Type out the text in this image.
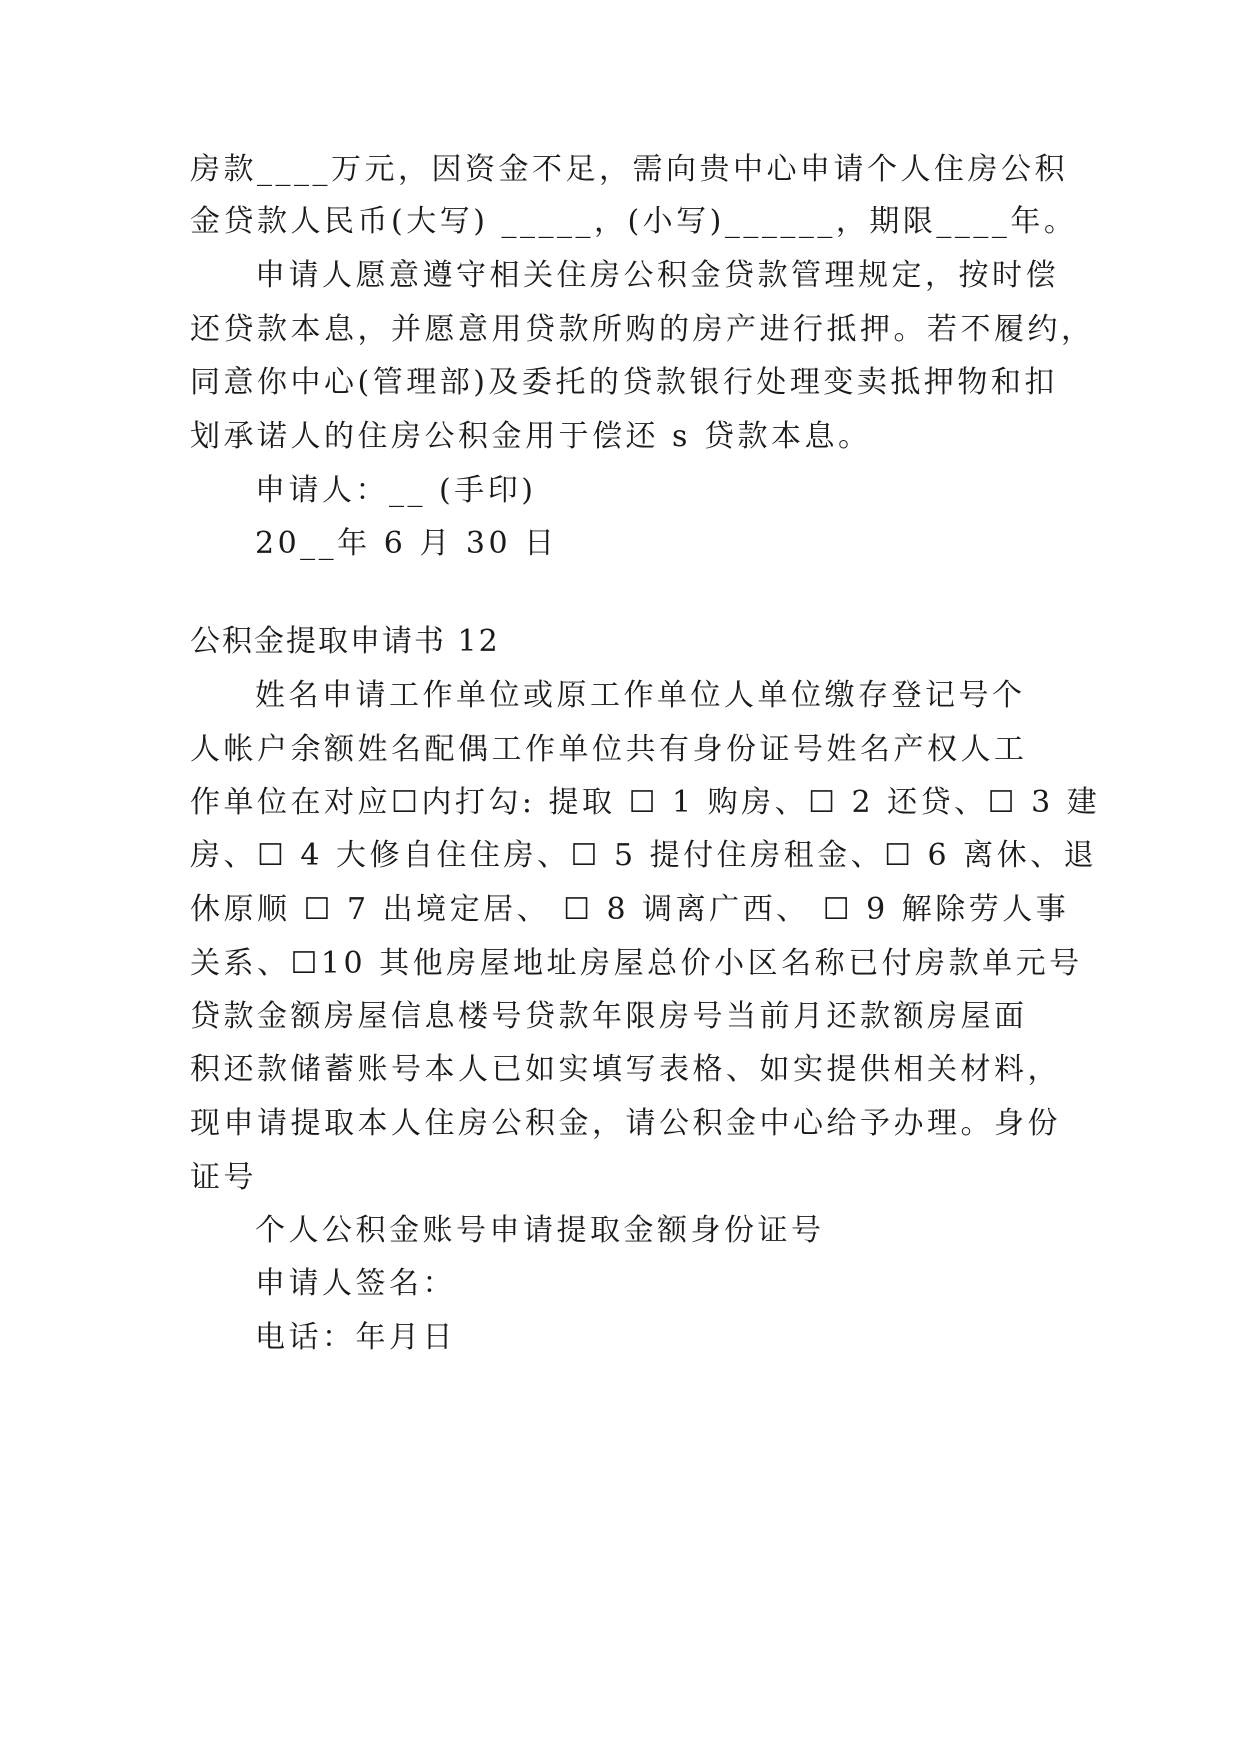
房款____万元，因资金不足，需向贵中心申请个人住房公积
金贷款人民币(大写) _____，(小写)______，期限____年。
申请人愿意遵守相关住房公积金贷款管理规定，按时偿
还贷款本息，并愿意用贷款所购的房产进行抵押。若不履约，
同意你中心(管理部)及委托的贷款银行处理变卖抵押物和扣
划承诺人的住房公积金用于偿还 s 贷款本息。
申请人：__ (手印)
20__年 6 月 30 日
公积金提取申请书 12
姓名申请工作单位或原工作单位人单位缴存登记号个
人帐户余额姓名配偶工作单位共有身份证号姓名产权人工
作单位在对应☐内打勾: 提取 ☐ 1 购房、☐ 2 还贷、☐ 3 建
房、☐ 4 大修自住住房、☐ 5 提付住房租金、☐ 6 离休、退
休原顺 ☐ 7 出境定居、 ☐ 8 调离广西、 ☐ 9 解除劳人事
关系、☐10 其他房屋地址房屋总价小区名称已付房款单元号
贷款金额房屋信息楼号贷款年限房号当前月还款额房屋面
积还款储蓄账号本人已如实填写表格、如实提供相关材料，
现申请提取本人住房公积金，请公积金中心给予办理。身份
证号
个人公积金账号申请提取金额身份证号
申请人签名：
电话：年月日
